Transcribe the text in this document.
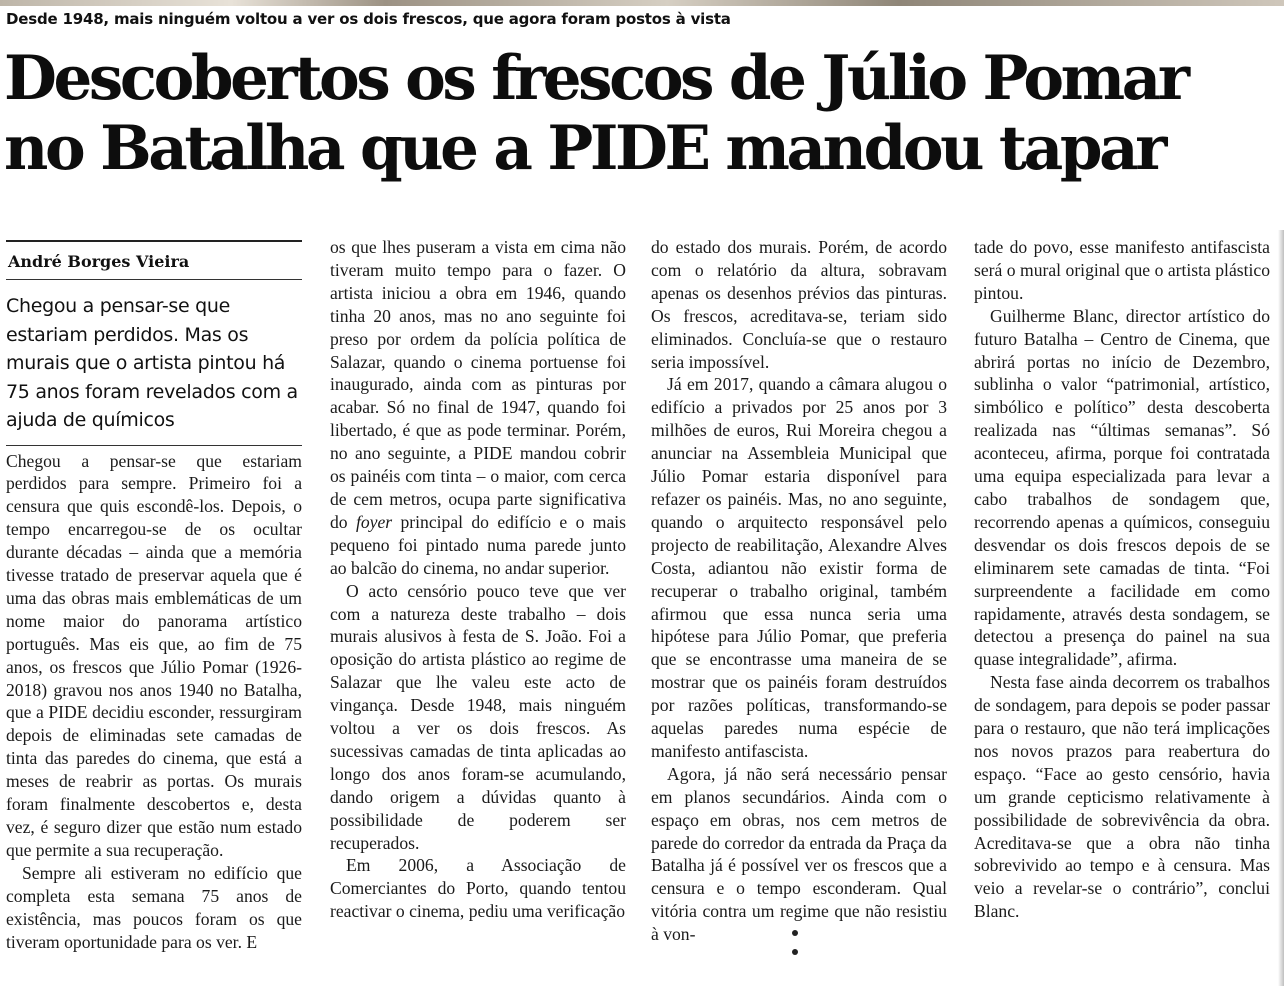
Desde 1948, mais ninguém voltou a ver os dois frescos, que agora foram postos à vista
Descobertos os frescos de Júlio Pomar no Batalha que a PIDE mandou tapar
André Borges Vieira
Chegou a pensar-se que estariam perdidos. Mas os murais que o artista pintou há 75 anos foram revelados com a ajuda de químicos

Chegou a pensar-se que estariam perdidos para sempre. Primeiro foi a censura que quis escondê-los. Depois, o tempo encarregou-se de os ocultar durante décadas – ainda que a memória tivesse tratado de preservar aquela que é uma das obras mais emblemáticas de um nome maior do panorama artístico português. Mas eis que, ao fim de 75 anos, os frescos que Júlio Pomar (1926-2018) gravou nos anos 1940 no Batalha, que a PIDE decidiu esconder, ressurgiram depois de eliminadas sete camadas de tinta das paredes do cinema, que está a meses de reabrir as portas. Os murais foram finalmente descobertos e, desta vez, é seguro dizer que estão num estado que permite a sua recuperação.

Sempre ali estiveram no edifício que completa esta semana 75 anos de existência, mas poucos foram os que tiveram oportunidade para os ver. E

os que lhes puseram a vista em cima não tiveram muito tempo para o fazer. O artista iniciou a obra em 1946, quando tinha 20 anos, mas no ano seguinte foi preso por ordem da polícia política de Salazar, quando o cinema portuense foi inaugurado, ainda com as pinturas por acabar. Só no final de 1947, quando foi libertado, é que as pode terminar. Porém, no ano seguinte, a PIDE mandou cobrir os painéis com tinta – o maior, com cerca de cem metros, ocupa parte significativa do foyer principal do edifício e o mais pequeno foi pintado numa parede junto ao balcão do cinema, no andar superior.

O acto censório pouco teve que ver com a natureza deste trabalho – dois murais alusivos à festa de S. João. Foi a oposição do artista plástico ao regime de Salazar que lhe valeu este acto de vingança. Desde 1948, mais ninguém voltou a ver os dois frescos. As sucessivas camadas de tinta aplicadas ao longo dos anos foram-se acumulando, dando origem a dúvidas quanto à possibilidade de poderem ser recuperados.

Em 2006, a Associação de Comerciantes do Porto, quando tentou reactivar o cinema, pediu uma verificação

do estado dos murais. Porém, de acordo com o relatório da altura, sobravam apenas os desenhos prévios das pinturas. Os frescos, acreditava-se, teriam sido eliminados. Concluía-se que o restauro seria impossível.

Já em 2017, quando a câmara alugou o edifício a privados por 25 anos por 3 milhões de euros, Rui Moreira chegou a anunciar na Assembleia Municipal que Júlio Pomar estaria disponível para refazer os painéis. Mas, no ano seguinte, quando o arquitecto responsável pelo projecto de reabilitação, Alexandre Alves Costa, adiantou não existir forma de recuperar o trabalho original, também afirmou que essa nunca seria uma hipótese para Júlio Pomar, que preferia que se encontrasse uma maneira de se mostrar que os painéis foram destruídos por razões políticas, transformando-se aquelas paredes numa espécie de manifesto antifascista.

Agora, já não será necessário pensar em planos secundários. Ainda com o espaço em obras, nos cem metros de parede do corredor da entrada da Praça da Batalha já é possível ver os frescos que a censura e o tempo esconderam. Qual vitória contra um regime que não resistiu à von-

tade do povo, esse manifesto antifascista será o mural original que o artista plástico pintou.

Guilherme Blanc, director artístico do futuro Batalha – Centro de Cinema, que abrirá portas no início de Dezembro, sublinha o valor “patrimonial, artístico, simbólico e político” desta descoberta realizada nas “últimas semanas”. Só aconteceu, afirma, porque foi contratada uma equipa especializada para levar a cabo trabalhos de sondagem que, recorrendo apenas a químicos, conseguiu desvendar os dois frescos depois de se eliminarem sete camadas de tinta. “Foi surpreendente a facilidade em como rapidamente, através desta sondagem, se detectou a presença do painel na sua quase integralidade”, afirma.

Nesta fase ainda decorrem os trabalhos de sondagem, para depois se poder passar para o restauro, que não terá implicações nos novos prazos para reabertura do espaço. “Face ao gesto censório, havia um grande cepticismo relativamente à possibilidade de sobrevivência da obra. Acreditava-se que a obra não tinha sobrevivido ao tempo e à censura. Mas veio a revelar-se o contrário”, conclui Blanc.
